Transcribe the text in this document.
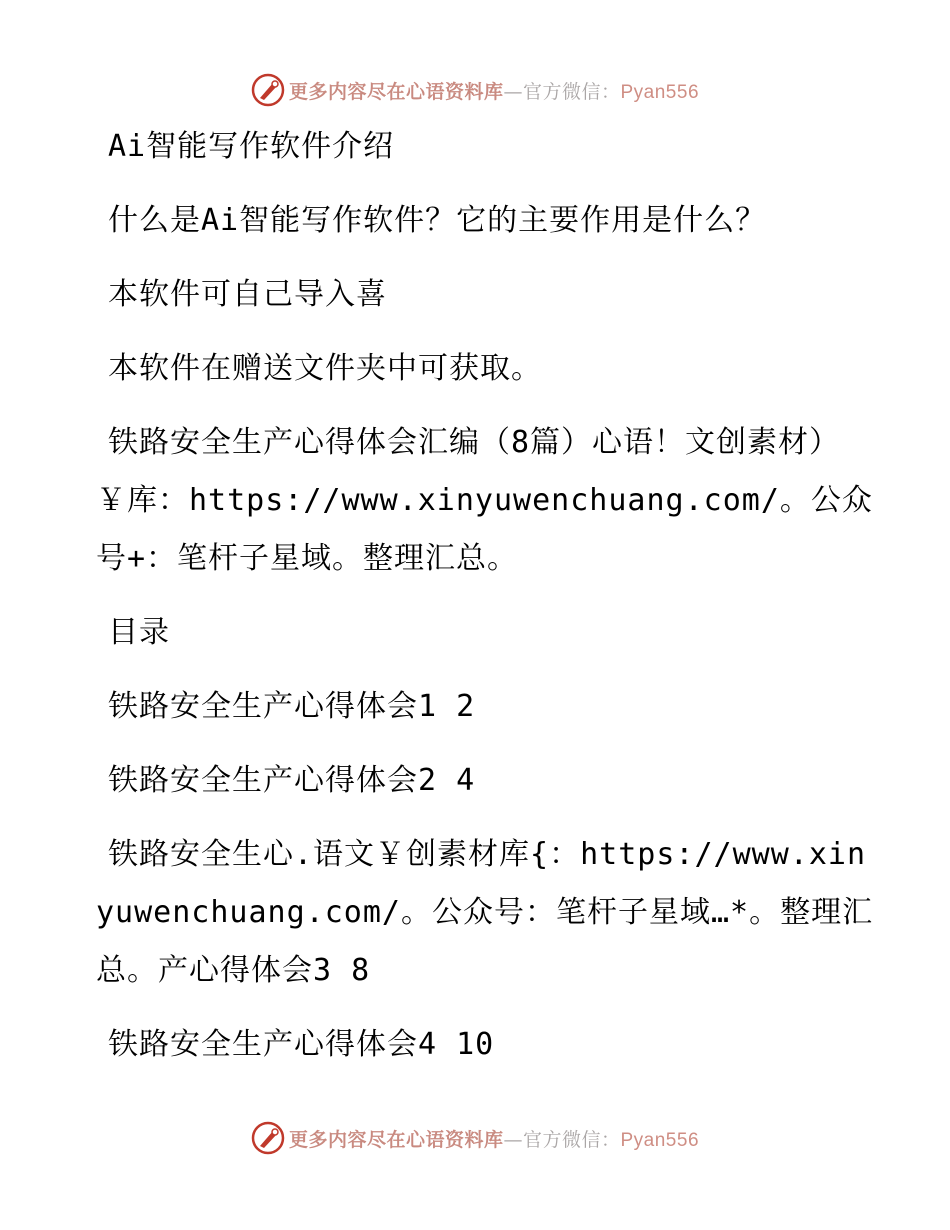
更多内容尽在心语资料库—官方微信：Pyan556

Ai智能写作软件介绍

什么是Ai智能写作软件？它的主要作用是什么？

本软件可自己导入喜

本软件在赠送文件夹中可获取。

铁路安全生产心得体会汇编（8篇）心语！文创素材）￥库：https://www.xinyuwenchuang.com/。公众号+：笔杆子星域。整理汇总。

目录

铁路安全生产心得体会1 2

铁路安全生产心得体会2 4

铁路安全生心.语文￥创素材库{：https://www.xinyuwenchuang.com/。公众号：笔杆子星域…*。整理汇总。产心得体会3 8

铁路安全生产心得体会4 10

更多内容尽在心语资料库—官方微信：Pyan556
